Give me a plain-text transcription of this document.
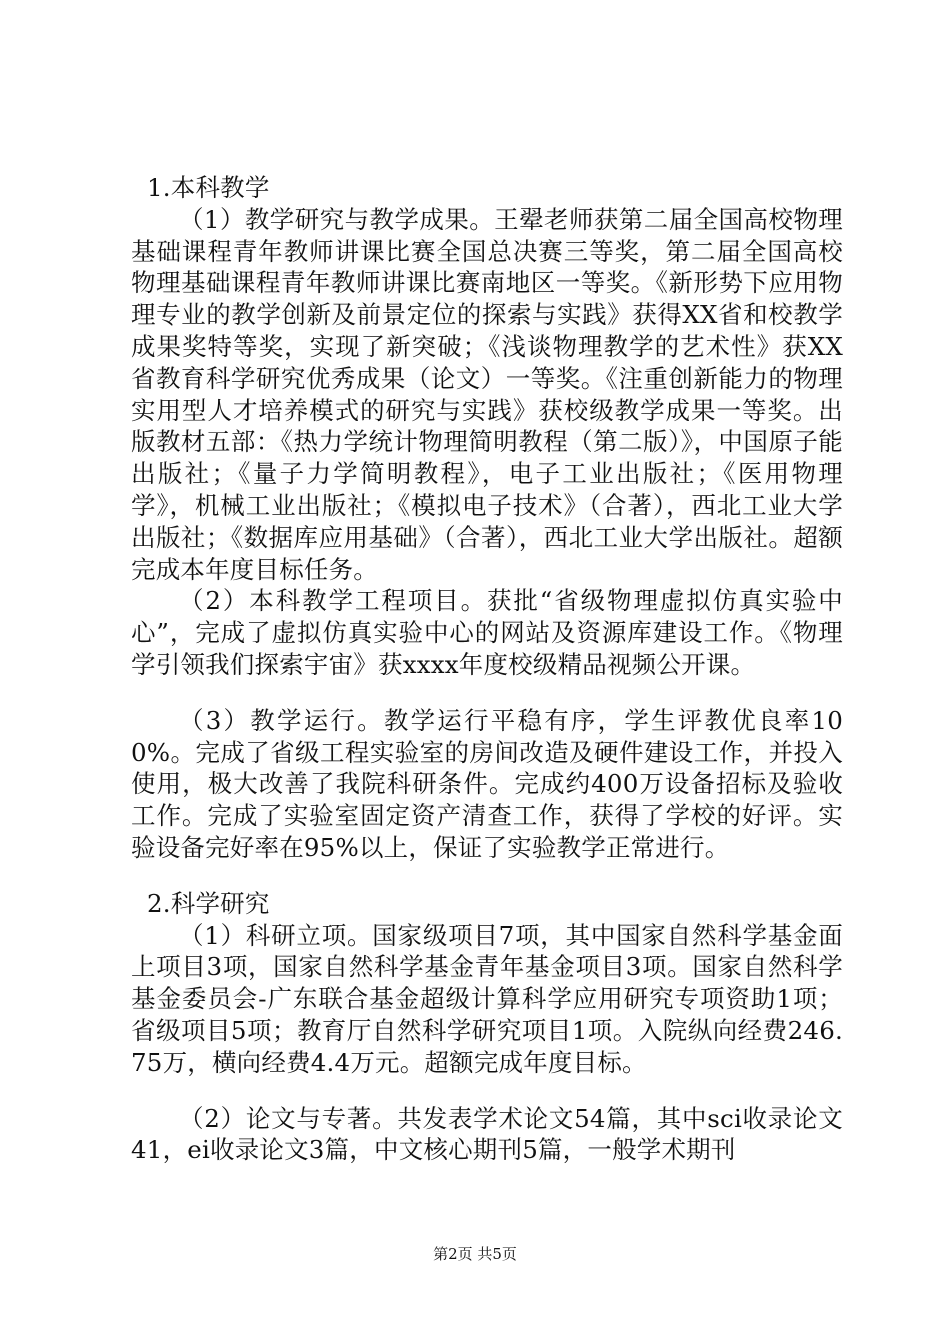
1.本科教学

（1）教学研究与教学成果。王翚老师获第二届全国高校物理基础课程青年教师讲课比赛全国总决赛三等奖，第二届全国高校物理基础课程青年教师讲课比赛南地区一等奖。《新形势下应用物理专业的教学创新及前景定位的探索与实践》获得XX省和校教学成果奖特等奖，实现了新突破；《浅谈物理教学的艺术性》获XX省教育科学研究优秀成果（论文）一等奖。《注重创新能力的物理实用型人才培养模式的研究与实践》获校级教学成果一等奖。出版教材五部：《热力学统计物理简明教程（第二版）》，中国原子能出版社；《量子力学简明教程》，电子工业出版社；《医用物理学》，机械工业出版社；《模拟电子技术》（合著），西北工业大学出版社；《数据库应用基础》（合著），西北工业大学出版社。超额完成本年度目标任务。

（2）本科教学工程项目。获批“省级物理虚拟仿真实验中心”，完成了虚拟仿真实验中心的网站及资源库建设工作。《物理学引领我们探索宇宙》获xxxx年度校级精品视频公开课。

（3）教学运行。教学运行平稳有序，学生评教优良率100%。完成了省级工程实验室的房间改造及硬件建设工作，并投入使用，极大改善了我院科研条件。完成约400万设备招标及验收工作。完成了实验室固定资产清查工作，获得了学校的好评。实验设备完好率在95%以上，保证了实验教学正常进行。

2.科学研究

（1）科研立项。国家级项目7项，其中国家自然科学基金面上项目3项，国家自然科学基金青年基金项目3项。国家自然科学基金委员会-广东联合基金超级计算科学应用研究专项资助1项；省级项目5项；教育厅自然科学研究项目1项。入院纵向经费246.75万，横向经费4.4万元。超额完成年度目标。

（2）论文与专著。共发表学术论文54篇，其中sci收录论文41，ei收录论文3篇，中文核心期刊5篇，一般学术期刊

第2页 共5页
